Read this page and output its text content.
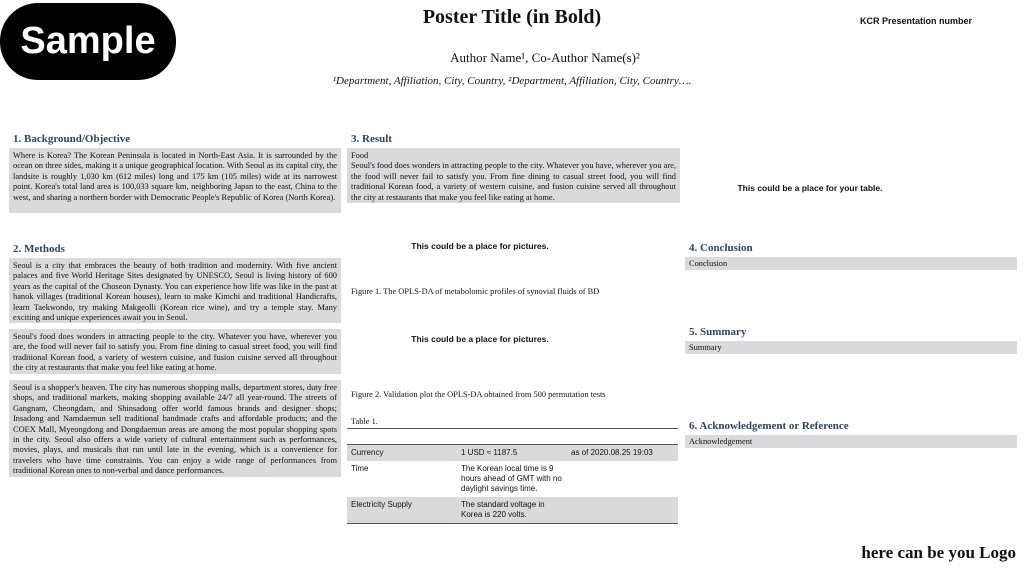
Sample
Poster Title (in Bold)	KCR Presentation number
Author Name¹, Co-Author Name(s)²
¹Department, Affiliation, City, Country, ²Department, Affiliation, City, Country….
1. Background/Objective
Where is Korea? The Korean Peninsula is located in North-East Asia. It is surrounded by the ocean on three sides, making it a unique geographical location. With Seoul as its capital city, the landsite is roughly 1,030 km (612 miles) long and 175 km (105 miles) wide at its narrowest point. Korea's total land area is 100,033 square km, neighboring Japan to the east, China to the west, and sharing a northern border with Democratic People's Republic of Korea (North Korea).
2. Methods
Seoul is a city that embraces the beauty of both tradition and modernity. With five ancient palaces and five World Heritage Sites designated by UNESCO, Seoul is living history of 600 years as the capital of the Choseon Dynasty. You can experience how life was like in the past at hanok villages (traditional Korean houses), learn to make Kimchi and traditional Handicrafts, learn Taekwondo, try making Makgeolli (Korean rice wine), and try a temple stay. Many exciting and unique experiences await you in Seoul.
Seoul's food does wonders in attracting people to the city. Whatever you have, wherever you are, the food will never fail to satisfy you. From fine dining to casual street food, you will find traditional Korean food, a variety of western cuisine, and fusion cuisine served all throughout the city at restaurants that make you feel like eating at home.
Seoul is a shopper's heaven. The city has numerous shopping malls, department stores, duty free shops, and traditional markets, making shopping available 24/7 all year-round. The streets of Gangnam, Cheongdam, and Shinsadong offer world famous brands and designer shops; Insadong and Namdaemun sell traditional handmade crafts and affordable products; and the COEX Mall, Myeongdong and Dongdaemun areas are among the most popular shopping spots in the city. Seoul also offers a wide variety of cultural entertainment such as performances, movies, plays, and musicals that run until late in the evening, which is a convenience for travelers who have time constraints. You can enjoy a wide range of performances from traditional Korean ones to non-verbal and dance performances.
3. Result
Food
Seoul's food does wonders in attracting people to the city. Whatever you have, wherever you are, the food will never fail to satisfy you. From fine dining to casual street food, you will find traditional Korean food, a variety of western cuisine, and fusion cuisine served all throughout the city at restaurants that make you feel like eating at home.
This could be a place for pictures.
Figure 1. The OPLS-DA of metabolomic profiles of synovial fluids of BD
This could be a place for pictures.
Figure 2. Validation plot the OPLS-DA obtained from 500 permutation tests
Table 1.
Currency	1 USD ≈ 1187.5	as of 2020.08.25 19:03
Time	The Korean local time is 9 hours ahead of GMT with no daylight savings time.	
Electricity Supply	The standard voltage in Korea is 220 volts.	
This could be a place for your table.
4. Conclusion
Conclusion
5. Summary
Summary
6. Acknowledgement or Reference
Acknowledgement
here can be you Logo
